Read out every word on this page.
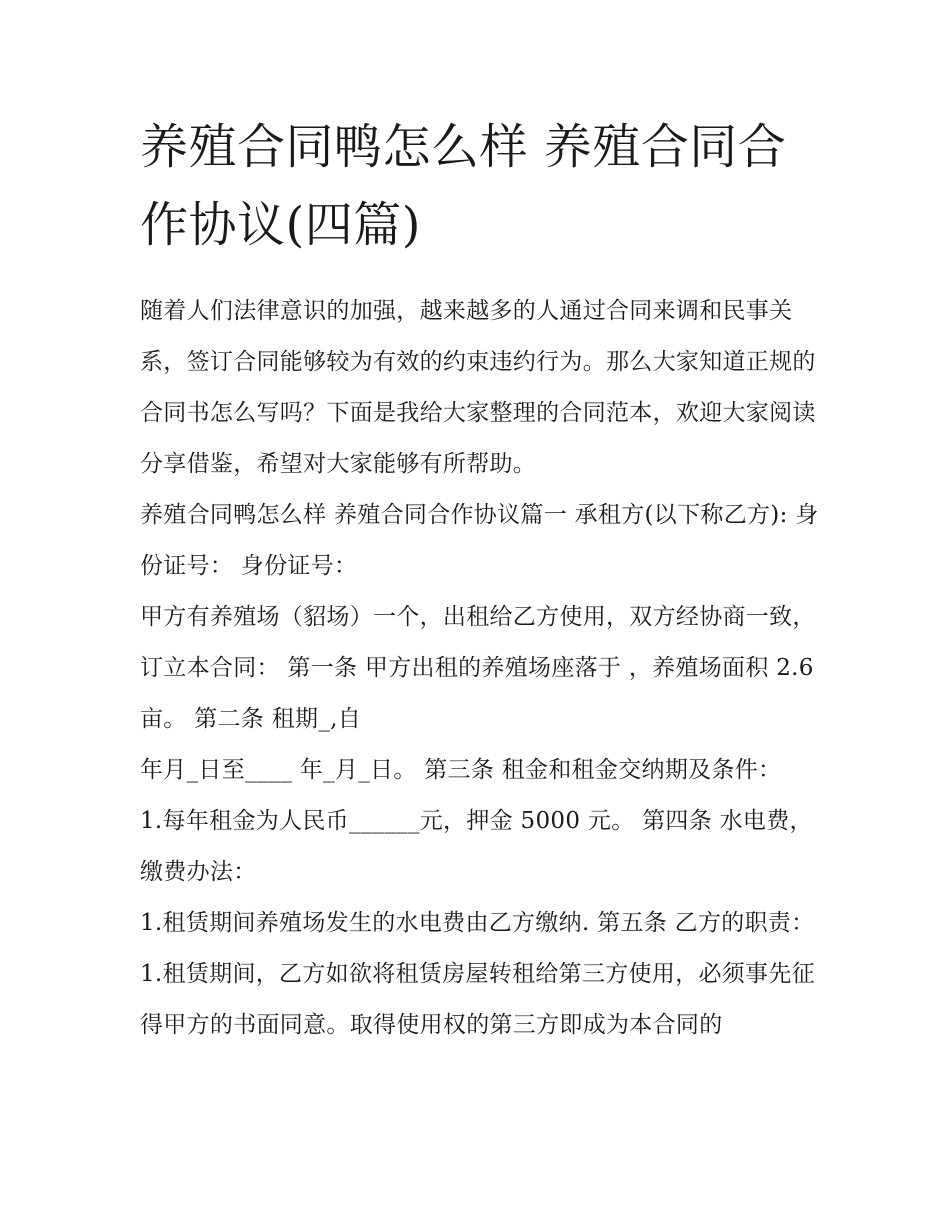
养殖合同鸭怎么样 养殖合同合作协议(四篇)

随着人们法律意识的加强，越来越多的人通过合同来调和民事关系，签订合同能够较为有效的约束违约行为。那么大家知道正规的合同书怎么写吗？下面是我给大家整理的合同范本，欢迎大家阅读分享借鉴，希望对大家能够有所帮助。

养殖合同鸭怎么样 养殖合同合作协议篇一 承租方(以下称乙方): 身份证号： 身份证号：

甲方有养殖场（貂场）一个，出租给乙方使用，双方经协商一致，订立本合同： 第一条 甲方出租的养殖场座落于 ，养殖场面积 2.6 亩。 第二条 租期_,自

年月_日至____ 年_月_日。 第三条 租金和租金交纳期及条件：

1.每年租金为人民币______元，押金 5000 元。 第四条 水电费，缴费办法：

1.租赁期间养殖场发生的水电费由乙方缴纳. 第五条 乙方的职责：

1.租赁期间，乙方如欲将租赁房屋转租给第三方使用，必须事先征得甲方的书面同意。取得使用权的第三方即成为本合同的
